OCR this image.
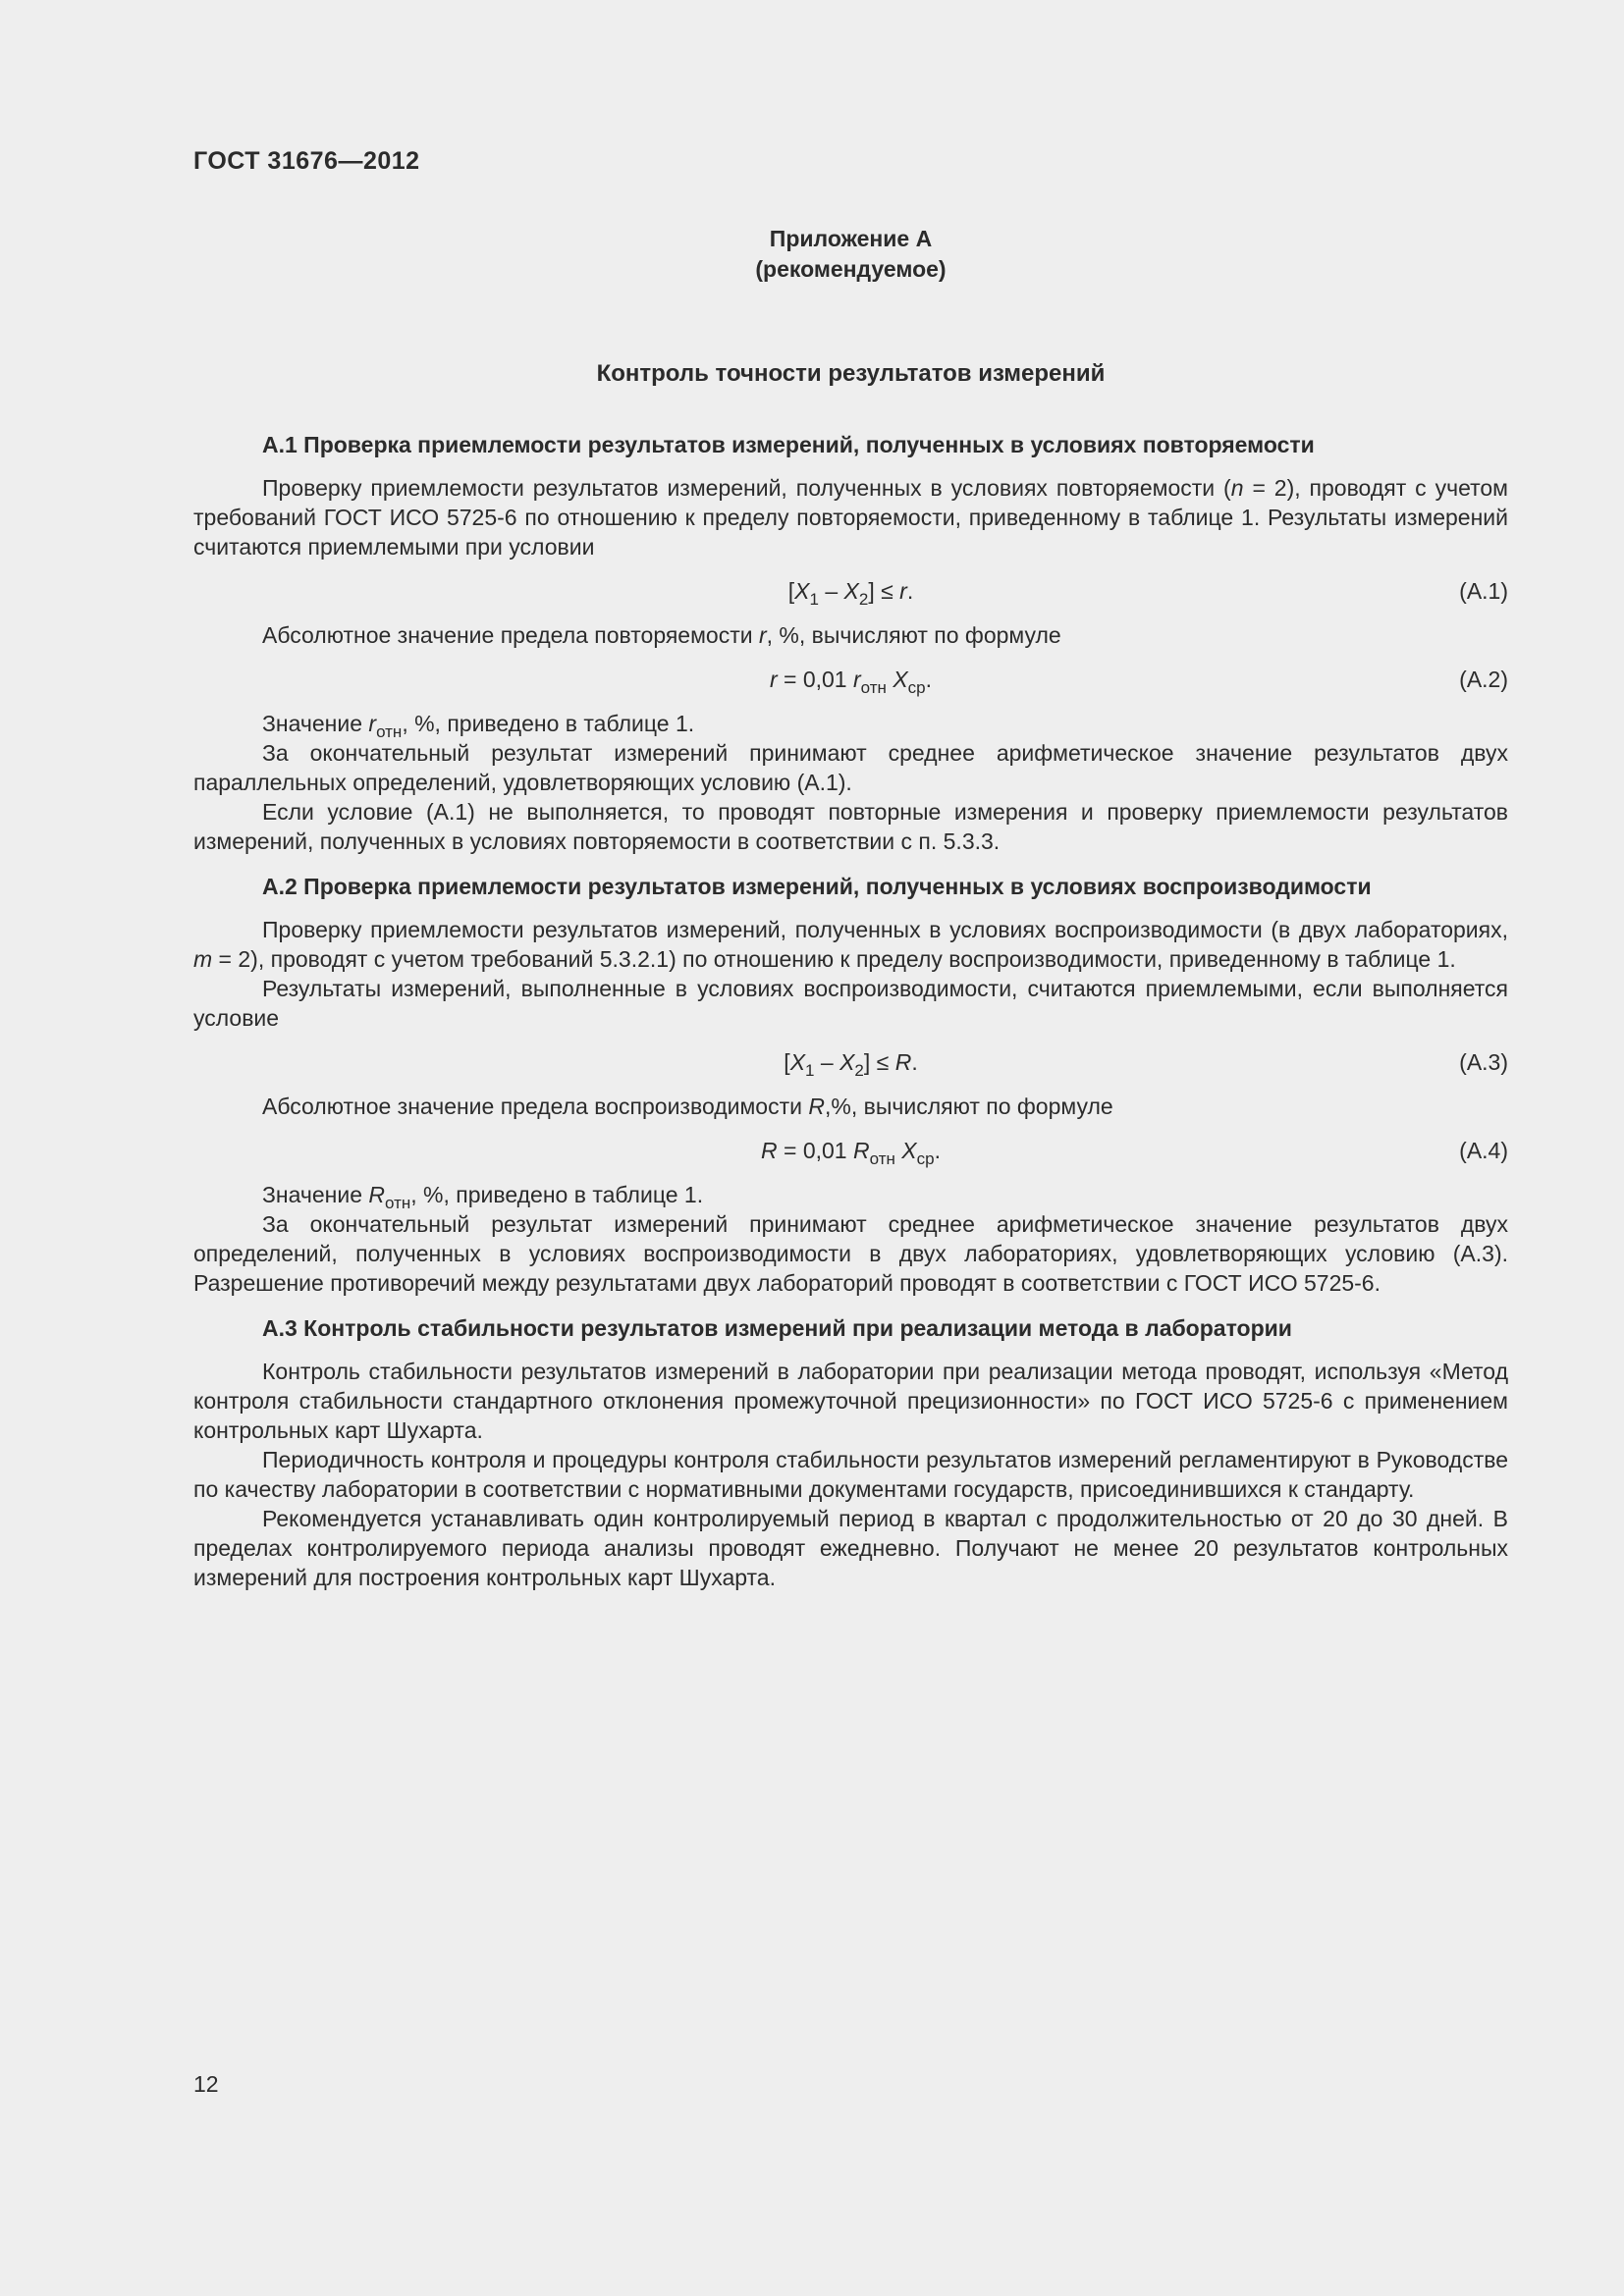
ГОСТ 31676—2012
Приложение А
(рекомендуемое)
Контроль точности результатов измерений
А.1 Проверка приемлемости результатов измерений, полученных в условиях повторяемости

Проверку приемлемости результатов измерений, полученных в условиях повторяемости (n = 2), проводят с учетом требований ГОСТ ИСО 5725-6 по отношению к пределу повторяемости, приведенному в таблице 1. Результаты измерений считаются приемлемыми при условии

$[X_1 - X_2] \le r$.	(А.1)

Абсолютное значение предела повторяемости r, %, вычисляют по формуле

r = 0,01 $r_{отн}$ $X_{ср}$.	(А.2)

Значение $r_{отн}$, %, приведено в таблице 1.

За окончательный результат измерений принимают среднее арифметическое значение результатов двух параллельных определений, удовлетворяющих условию (А.1).

Если условие (А.1) не выполняется, то проводят повторные измерения и проверку приемлемости результатов измерений, полученных в условиях повторяемости в соответствии с п. 5.3.3.

А.2 Проверка приемлемости результатов измерений, полученных в условиях воспроизводимости

Проверку приемлемости результатов измерений, полученных в условиях воспроизводимости (в двух лабораториях, m = 2), проводят с учетом требований 5.3.2.1) по отношению к пределу воспроизводимости, приведенному в таблице 1.

Результаты измерений, выполненные в условиях воспроизводимости, считаются приемлемыми, если выполняется условие

$[X_1 - X_2] \le R$.	(А.3)

Абсолютное значение предела воспроизводимости R,%, вычисляют по формуле

R = 0,01 $R_{отн}$ $X_{ср}$.	(А.4)

Значение $R_{отн}$, %, приведено в таблице 1.

За окончательный результат измерений принимают среднее арифметическое значение результатов двух определений, полученных в условиях воспроизводимости в двух лабораториях, удовлетворяющих условию (А.3). Разрешение противоречий между результатами двух лабораторий проводят в соответствии с ГОСТ ИСО 5725-6.

А.3 Контроль стабильности результатов измерений при реализации метода в лаборатории

Контроль стабильности результатов измерений в лаборатории при реализации метода проводят, используя «Метод контроля стабильности стандартного отклонения промежуточной прецизионности» по ГОСТ ИСО 5725-6 с применением контрольных карт Шухарта.

Периодичность контроля и процедуры контроля стабильности результатов измерений регламентируют в Руководстве по качеству лаборатории в соответствии с нормативными документами государств, присоединившихся к стандарту.

Рекомендуется устанавливать один контролируемый период в квартал с продолжительностью от 20 до 30 дней. В пределах контролируемого периода анализы проводят ежедневно. Получают не менее 20 результатов контрольных измерений для построения контрольных карт Шухарта.

12
